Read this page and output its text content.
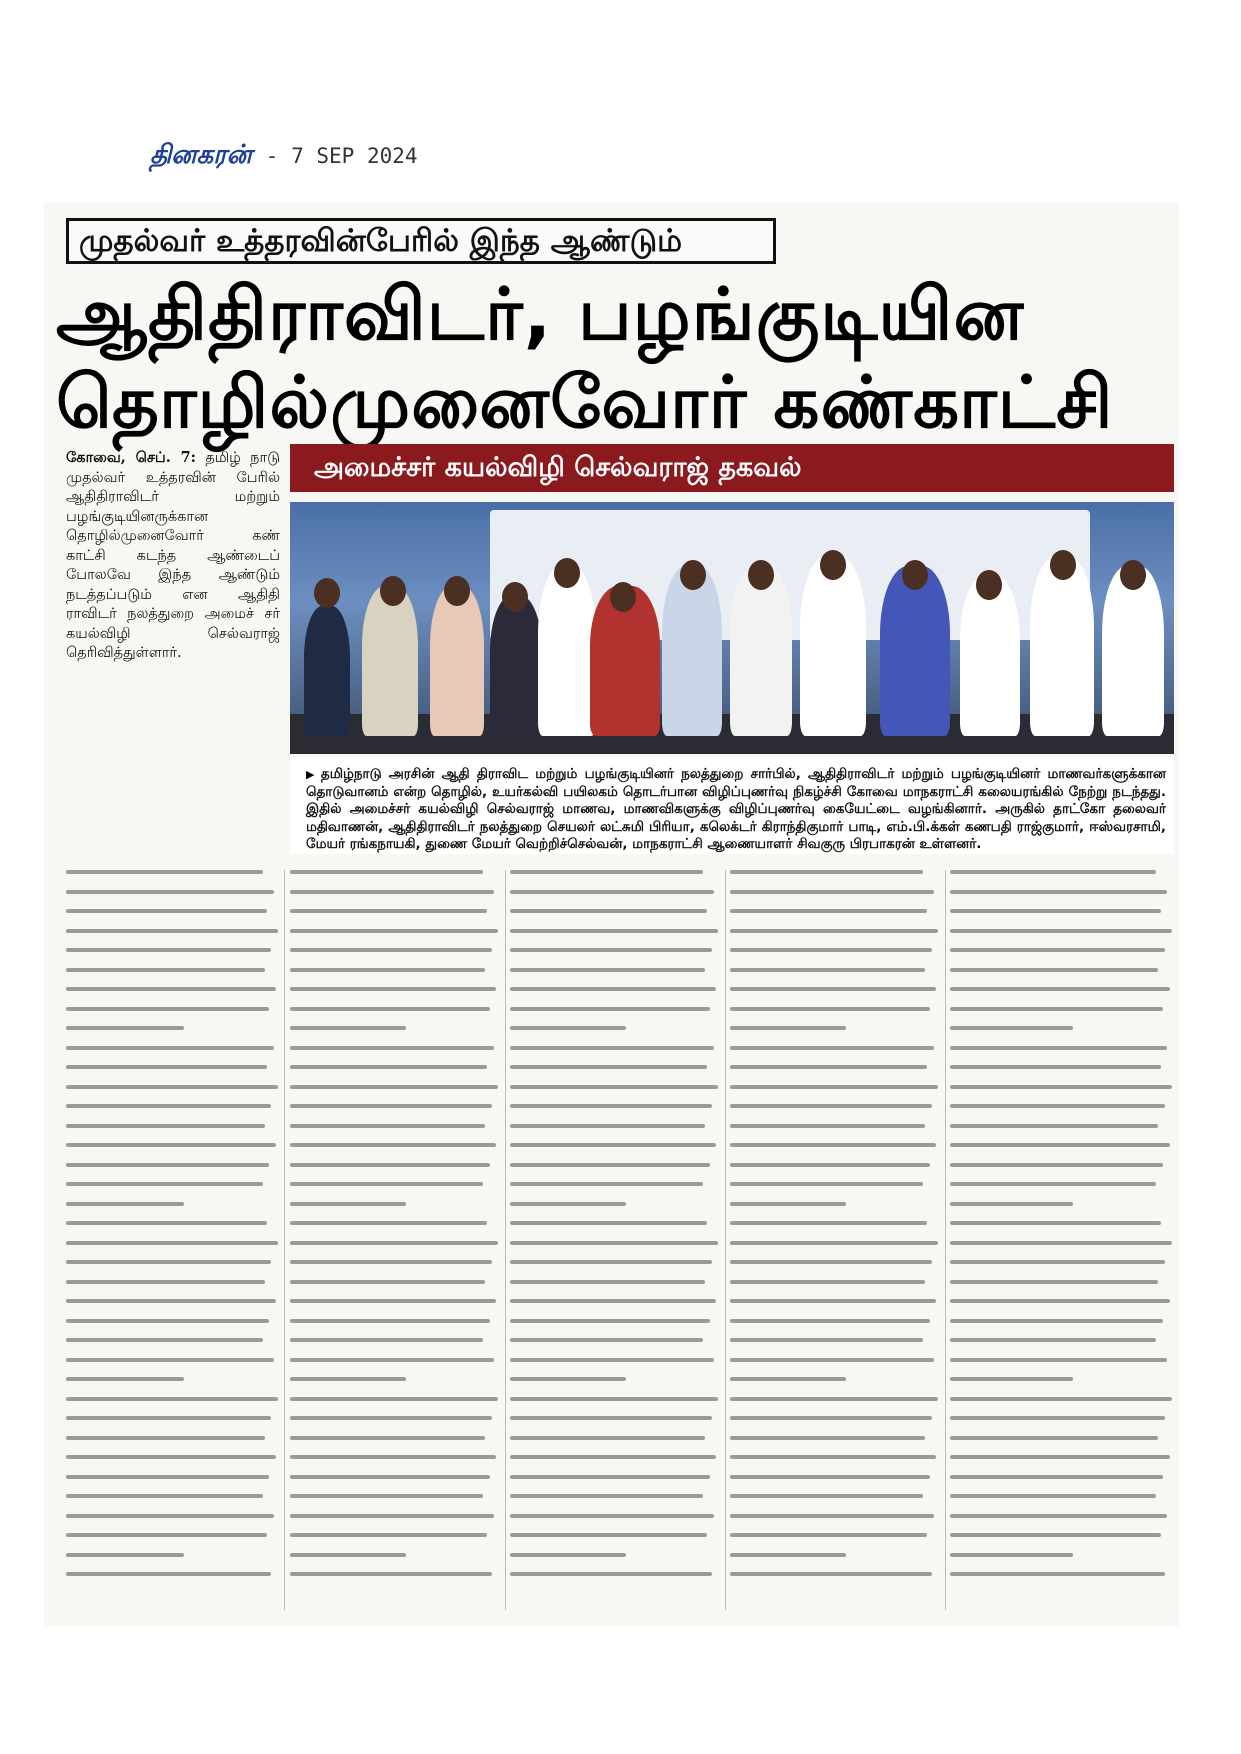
தினகரன் - 7 SEP 2024
முதல்வர் உத்தரவின்பேரில் இந்த ஆண்டும்
ஆதிதிராவிடர், பழங்குடியின
தொழில்முனைவோர் கண்காட்சி
அமைச்சர் கயல்விழி செல்வராஜ் தகவல்
கோவை, செப். 7: தமிழ் நாடு முதல்வர் உத்தரவின் பேரில் ஆதிதிராவிடர் மற்றும் பழங்குடியினருக்கான தொழில்முனைவோர் கண் காட்சி கடந்த ஆண்டைப் போலவே இந்த ஆண்டும் நடத்தப்படும் என ஆதிதி ராவிடர் நலத்துறை அமைச் சர் கயல்விழி செல்வராஜ் தெரிவித்துள்ளார்.
▶ தமிழ்நாடு அரசின் ஆதி திராவிட மற்றும் பழங்குடியினர் நலத்துறை சார்பில், ஆதிதிராவிடர் மற்றும் பழங்குடியினர் மாணவர்களுக்கான தொடுவானம் என்ற தொழில், உயர்கல்வி பயிலகம் தொடர்பான விழிப்புணர்வு நிகழ்ச்சி கோவை மாநகராட்சி கலையரங்கில் நேற்று நடந்தது. இதில் அமைச்சர் கயல்விழி செல்வராஜ் மாணவ, மாணவிகளுக்கு விழிப்புணர்வு கையேட்டை வழங்கினார். அருகில் தாட்கோ தலைவர் மதிவாணன், ஆதிதிராவிடர் நலத்துறை செயலர் லட்சுமி பிரியா, கலெக்டர் கிராந்திகுமார் பாடி, எம்.பி.க்கள் கணபதி ராஜ்குமார், ஈஸ்வரசாமி, மேயர் ரங்கநாயகி, துணை மேயர் வெற்றிச்செல்வன், மாநகராட்சி ஆணையாளர் சிவகுரு பிரபாகரன் உள்ளனர்.
